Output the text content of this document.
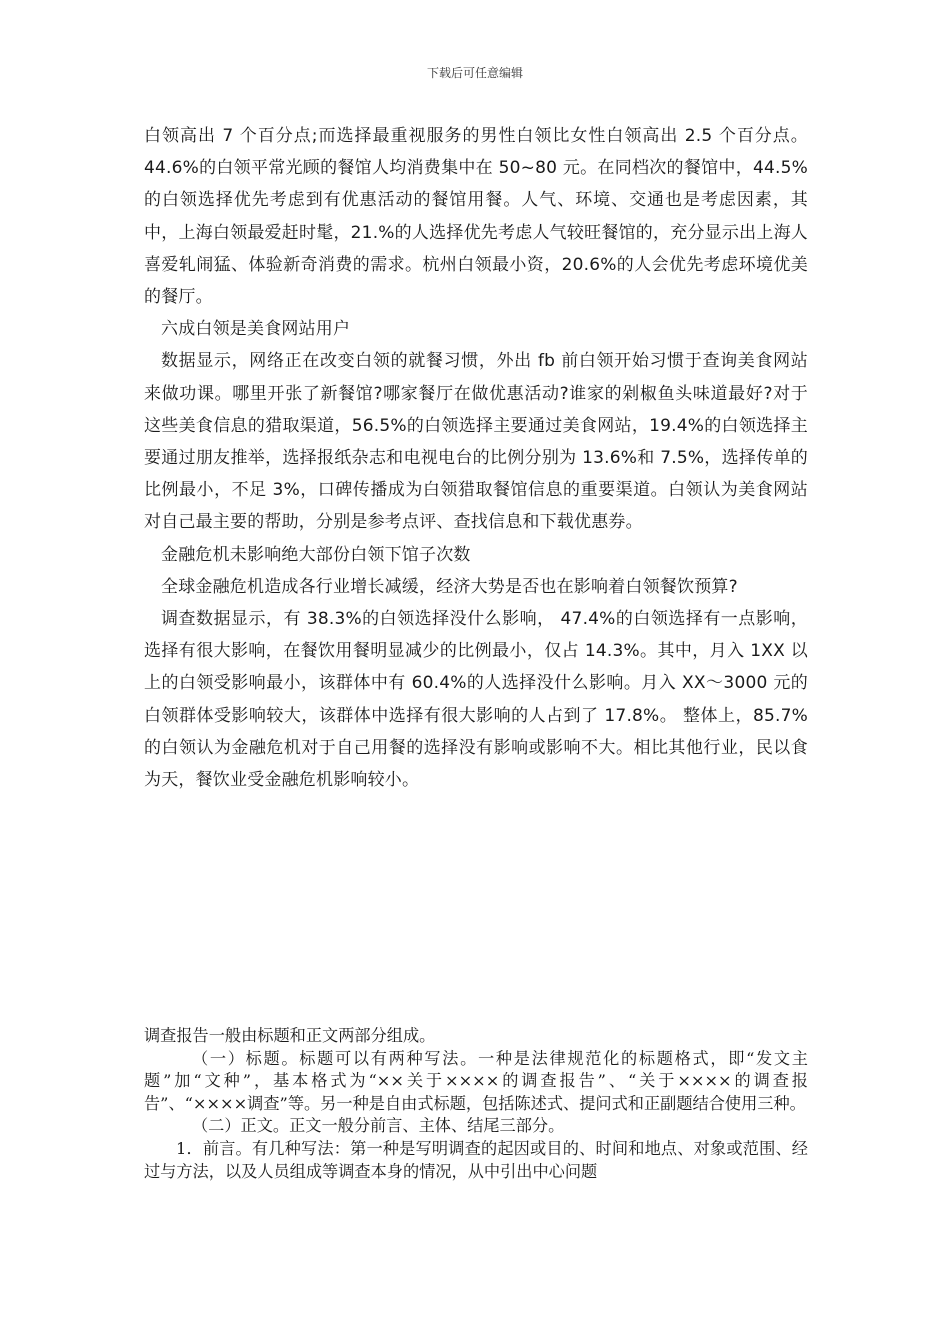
下载后可任意编辑

白领高出 7 个百分点;而选择最重视服务的男性白领比女性白领高出 2.5 个百分点。 44.6%的白领平常光顾的餐馆人均消费集中在 50~80 元。在同档次的餐馆中，44.5%的白领选择优先考虑到有优惠活动的餐馆用餐。人气、环境、交通也是考虑因素，其中，上海白领最爱赶时髦，21.%的人选择优先考虑人气较旺餐馆的，充分显示出上海人喜爱轧闹猛、体验新奇消费的需求。杭州白领最小资，20.6%的人会优先考虑环境优美的餐厅。

六成白领是美食网站用户

数据显示，网络正在改变白领的就餐习惯，外出 fb 前白领开始习惯于查询美食网站来做功课。哪里开张了新餐馆?哪家餐厅在做优惠活动?谁家的剁椒鱼头味道最好?对于这些美食信息的猎取渠道，56.5%的白领选择主要通过美食网站，19.4%的白领选择主要通过朋友推举，选择报纸杂志和电视电台的比例分别为 13.6%和 7.5%，选择传单的比例最小，不足 3%，口碑传播成为白领猎取餐馆信息的重要渠道。白领认为美食网站对自己最主要的帮助，分别是参考点评、查找信息和下载优惠券。

金融危机未影响绝大部份白领下馆子次数

全球金融危机造成各行业增长减缓，经济大势是否也在影响着白领餐饮预算?

调查数据显示，有 38.3%的白领选择没什么影响， 47.4%的白领选择有一点影响，选择有很大影响，在餐饮用餐明显减少的比例最小，仅占 14.3%。其中，月入 1XX 以上的白领受影响最小，该群体中有 60.4%的人选择没什么影响。月入 XX～3000 元的白领群体受影响较大，该群体中选择有很大影响的人占到了 17.8%。 整体上，85.7%的白领认为金融危机对于自己用餐的选择没有影响或影响不大。相比其他行业，民以食为天，餐饮业受金融危机影响较小。

调查报告一般由标题和正文两部分组成。

（一）标题。标题可以有两种写法。一种是法律规范化的标题格式，即“发文主题”加“文种”，基本格式为“××关于××××的调查报告”、“关于××××的调查报告”、“××××调查”等。另一种是自由式标题，包括陈述式、提问式和正副题结合使用三种。

（二）正文。正文一般分前言、主体、结尾三部分。

1．前言。有几种写法：第一种是写明调查的起因或目的、时间和地点、对象或范围、经过与方法，以及人员组成等调查本身的情况，从中引出中心问题
